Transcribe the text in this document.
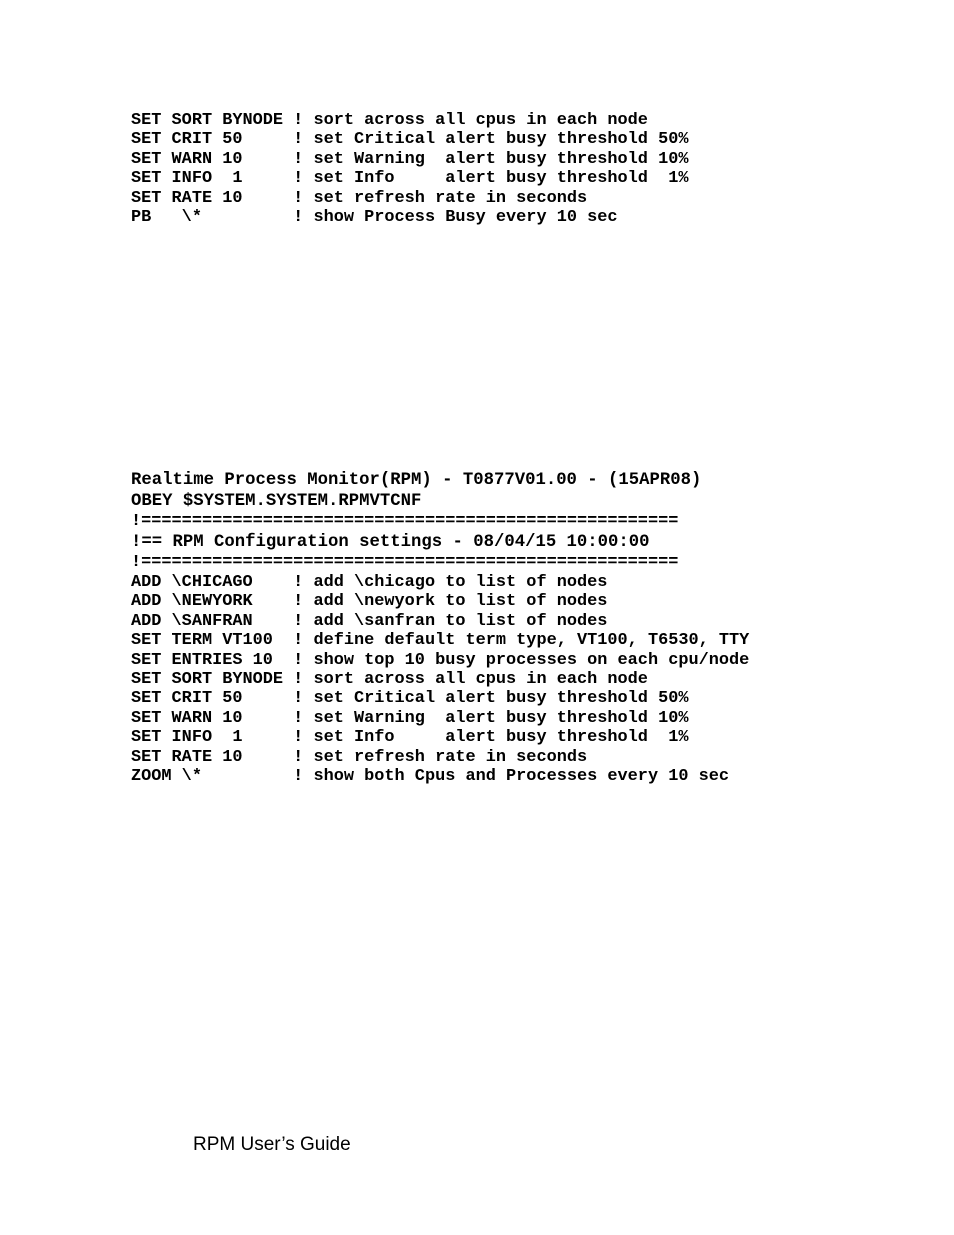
SET SORT BYNODE ! sort across all cpus in each node
SET CRIT 50     ! set Critical alert busy threshold 50%
SET WARN 10     ! set Warning  alert busy threshold 10%
SET INFO  1     ! set Info     alert busy threshold  1%
SET RATE 10     ! set refresh rate in seconds
PB   \*         ! show Process Busy every 10 sec
Realtime Process Monitor(RPM) - T0877V01.00 - (15APR08)
OBEY $SYSTEM.SYSTEM.RPMVTCNF
!=====================================================
!== RPM Configuration settings - 08/04/15 10:00:00
!=====================================================
ADD \CHICAGO    ! add \chicago to list of nodes
ADD \NEWYORK    ! add \newyork to list of nodes
ADD \SANFRAN    ! add \sanfran to list of nodes
SET TERM VT100  ! define default term type, VT100, T6530, TTY
SET ENTRIES 10  ! show top 10 busy processes on each cpu/node
SET SORT BYNODE ! sort across all cpus in each node
SET CRIT 50     ! set Critical alert busy threshold 50%
SET WARN 10     ! set Warning  alert busy threshold 10%
SET INFO  1     ! set Info     alert busy threshold  1%
SET RATE 10     ! set refresh rate in seconds
ZOOM \*         ! show both Cpus and Processes every 10 sec
RPM User’s Guide
